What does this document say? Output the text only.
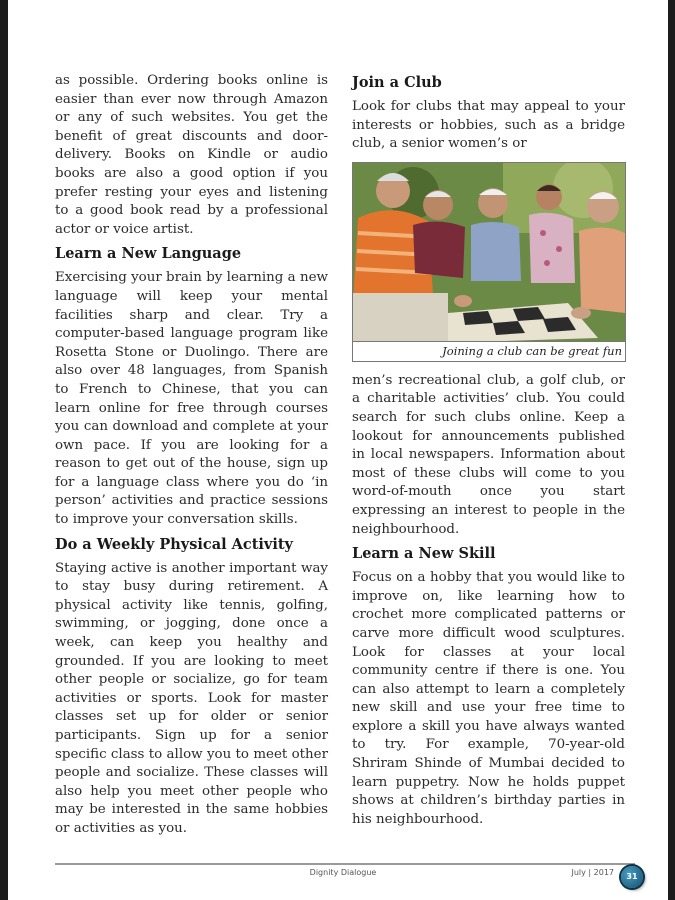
as possible. Ordering books online is easier than ever now through Amazon or any of such websites. You get the benefit of great discounts and door-delivery. Books on Kindle or audio books are also a good option if you prefer resting your eyes and listening to a good book read by a professional actor or voice artist.

Learn a New Language

Exercising your brain by learning a new language will keep your mental facilities sharp and clear. Try a computer-based language program like Rosetta Stone or Duolingo. There are also over 48 languages, from Spanish to French to Chinese, that you can learn online for free through courses you can download and complete at your own pace. If you are looking for a reason to get out of the house, sign up for a language class where you do ‘in person’ activities and practice sessions to improve your conversation skills.

Do a Weekly Physical Activity

Staying active is another important way to stay busy during retirement. A physical activity like tennis, golfing, swimming, or jogging, done once a week, can keep you healthy and grounded. If you are looking to meet other people or socialize, go for team activities or sports. Look for master classes set up for older or senior participants. Sign up for a senior specific class to allow you to meet other people and socialize. These classes will also help you meet other people who may be interested in the same hobbies or activities as you.

Join a Club

Look for clubs that may appeal to your interests or hobbies, such as a bridge club, a senior women’s or

Joining a club can be great fun

men’s recreational club, a golf club, or a charitable activities’ club. You could search for such clubs online. Keep a lookout for announcements published in local newspapers. Information about most of these clubs will come to you word-of-mouth once you start expressing an interest to people in the neighbourhood.

Learn a New Skill

Focus on a hobby that you would like to improve on, like learning how to crochet more complicated patterns or carve more difficult wood sculptures. Look for classes at your local community centre if there is one. You can also attempt to learn a completely new skill and use your free time to explore a skill you have always wanted to try. For example, 70-year-old Shriram Shinde of Mumbai decided to learn puppetry. Now he holds puppet shows at children’s birthday parties in his neighbourhood.

Dignity Dialogue	July | 2017	31
